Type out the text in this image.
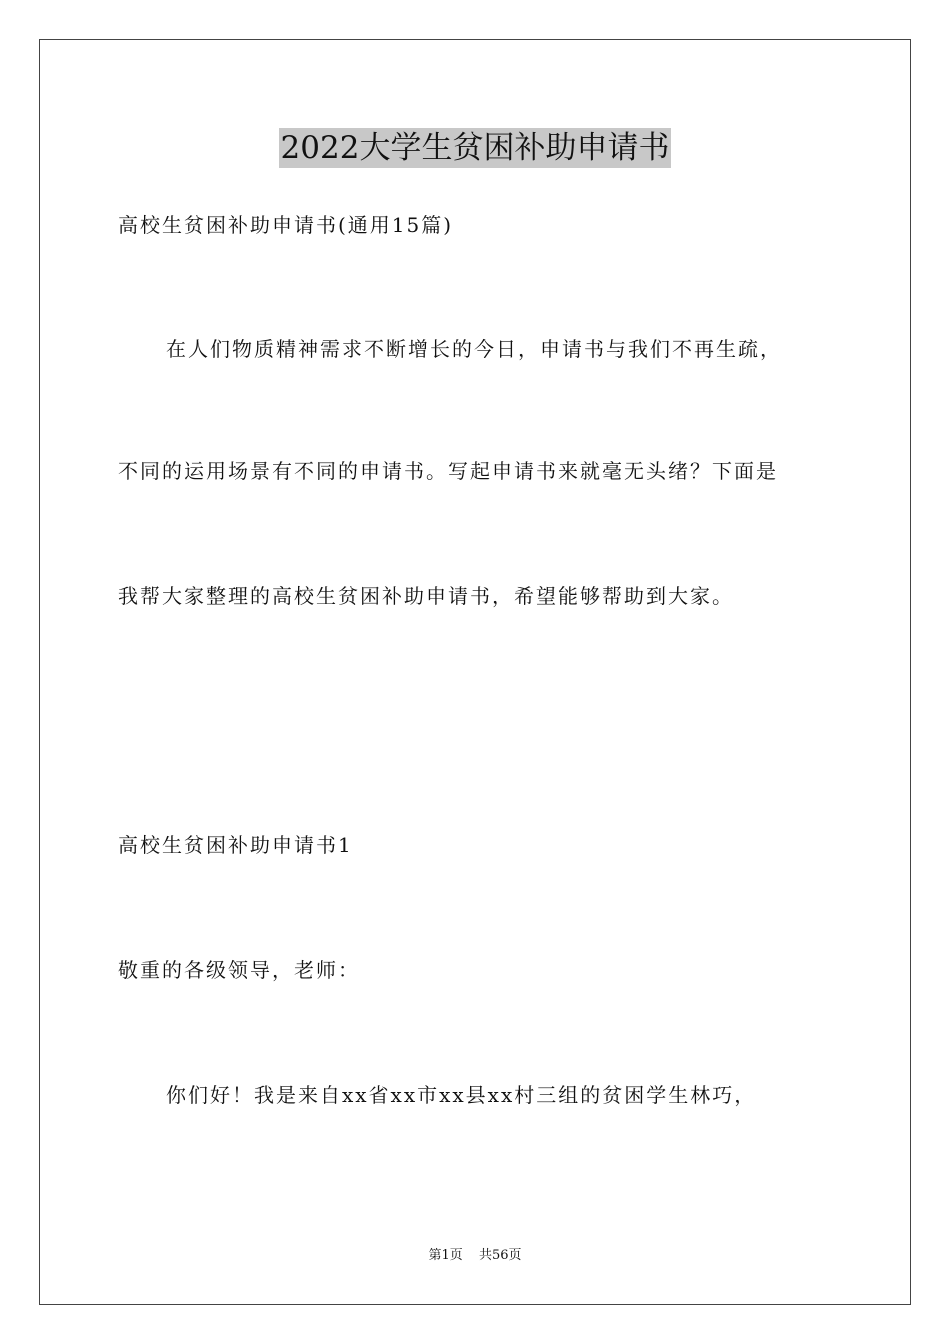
2022大学生贫困补助申请书
高校生贫困补助申请书(通用15篇)
在人们物质精神需求不断增长的今日，申请书与我们不再生疏，
不同的运用场景有不同的申请书。写起申请书来就毫无头绪？下面是
我帮大家整理的高校生贫困补助申请书，希望能够帮助到大家。
高校生贫困补助申请书1
敬重的各级领导，老师：
你们好！我是来自xx省xx市xx县xx村三组的贫困学生林巧，
第1页 共56页
